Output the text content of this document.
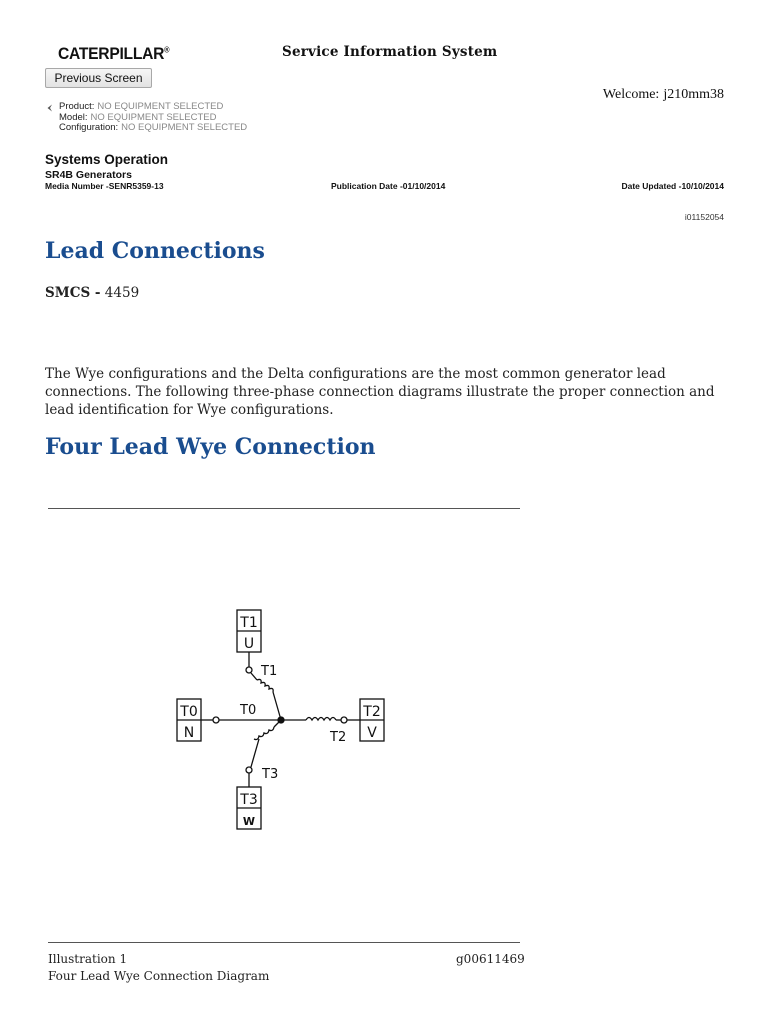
CATERPILLAR®	Service Information System
Previous Screen
Welcome: j210mm38
Product: NO EQUIPMENT SELECTED
Model: NO EQUIPMENT SELECTED
Configuration: NO EQUIPMENT SELECTED
Systems Operation
SR4B Generators
Media Number -SENR5359-13	Publication Date -01/10/2014	Date Updated -10/10/2014
i01152054
Lead Connections
SMCS - 4459

The Wye configurations and the Delta configurations are the most common generator lead connections. The following three-phase connection diagrams illustrate the proper connection and lead identification for Wye configurations.

Four Lead Wye Connection
T1
U
T0
N
T2
V
T3
W
T1
T0
T2
T3
Illustration 1	g00611469
Four Lead Wye Connection Diagram
